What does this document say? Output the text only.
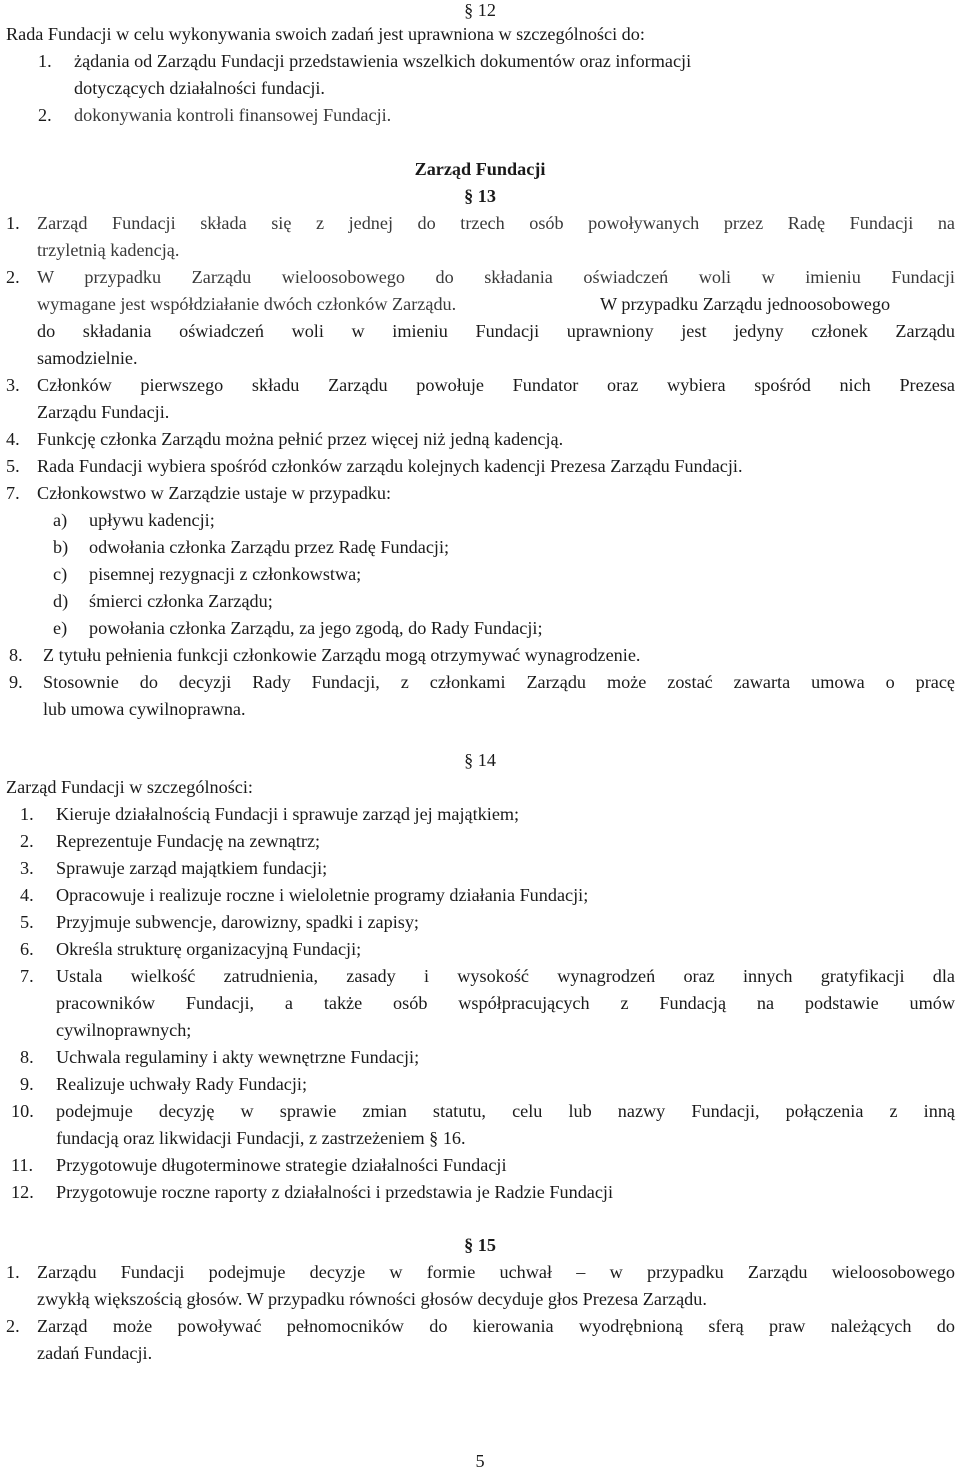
§ 12
Rada Fundacji w celu wykonywania swoich zadań jest uprawniona w szczególności do:
1. żądania od Zarządu Fundacji przedstawienia wszelkich dokumentów oraz informacji
dotyczących działalności fundacji.
2. dokonywania kontroli finansowej Fundacji.
Zarząd Fundacji
§ 13
1. Zarząd Fundacji składa się z jednej do trzech osób powoływanych przez Radę Fundacji na
trzyletnią kadencją.
2. W przypadku Zarządu wieloosobowego do składania oświadczeń woli w imieniu Fundacji
wymagane jest współdziałanie dwóch członków Zarządu.	W przypadku Zarządu jednoosobowego
do składania oświadczeń woli w imieniu Fundacji uprawniony jest jedyny członek Zarządu
samodzielnie.
3. Członków pierwszego składu Zarządu powołuje Fundator oraz wybiera spośród nich Prezesa
Zarządu Fundacji.
4. Funkcję członka Zarządu można pełnić przez więcej niż jedną kadencją.
5. Rada Fundacji wybiera spośród członków zarządu kolejnych kadencji Prezesa Zarządu Fundacji.
7. Członkowstwo w Zarządzie ustaje w przypadku:
a) upływu kadencji;
b) odwołania członka Zarządu przez Radę Fundacji;
c) pisemnej rezygnacji z członkowstwa;
d) śmierci członka Zarządu;
e) powołania członka Zarządu, za jego zgodą, do Rady Fundacji;
8. Z tytułu pełnienia funkcji członkowie Zarządu mogą otrzymywać wynagrodzenie.
9. Stosownie do decyzji Rady Fundacji, z członkami Zarządu może zostać zawarta umowa o pracę
lub umowa cywilnoprawna.
§ 14
Zarząd Fundacji w szczególności:
1. Kieruje działalnością Fundacji i sprawuje zarząd jej majątkiem;
2. Reprezentuje Fundację na zewnątrz;
3. Sprawuje zarząd majątkiem fundacji;
4. Opracowuje i realizuje roczne i wieloletnie programy działania Fundacji;
5. Przyjmuje subwencje, darowizny, spadki i zapisy;
6. Określa strukturę organizacyjną Fundacji;
7. Ustala wielkość zatrudnienia, zasady i wysokość wynagrodzeń oraz innych gratyfikacji dla
pracowników Fundacji, a także osób współpracujących z Fundacją na podstawie umów
cywilnoprawnych;
8. Uchwala regulaminy i akty wewnętrzne Fundacji;
9. Realizuje uchwały Rady Fundacji;
10. podejmuje decyzję w sprawie zmian statutu, celu lub nazwy Fundacji, połączenia z inną
fundacją oraz likwidacji Fundacji, z zastrzeżeniem § 16.
11. Przygotowuje długoterminowe strategie działalności Fundacji
12. Przygotowuje roczne raporty z działalności i przedstawia je Radzie Fundacji
§ 15
1. Zarządu Fundacji podejmuje decyzje w formie uchwał – w przypadku Zarządu wieloosobowego
zwykłą większością głosów. W przypadku równości głosów decyduje głos Prezesa Zarządu.
2. Zarząd może powoływać pełnomocników do kierowania wyodrębnioną sferą praw należących do
zadań Fundacji.
5
